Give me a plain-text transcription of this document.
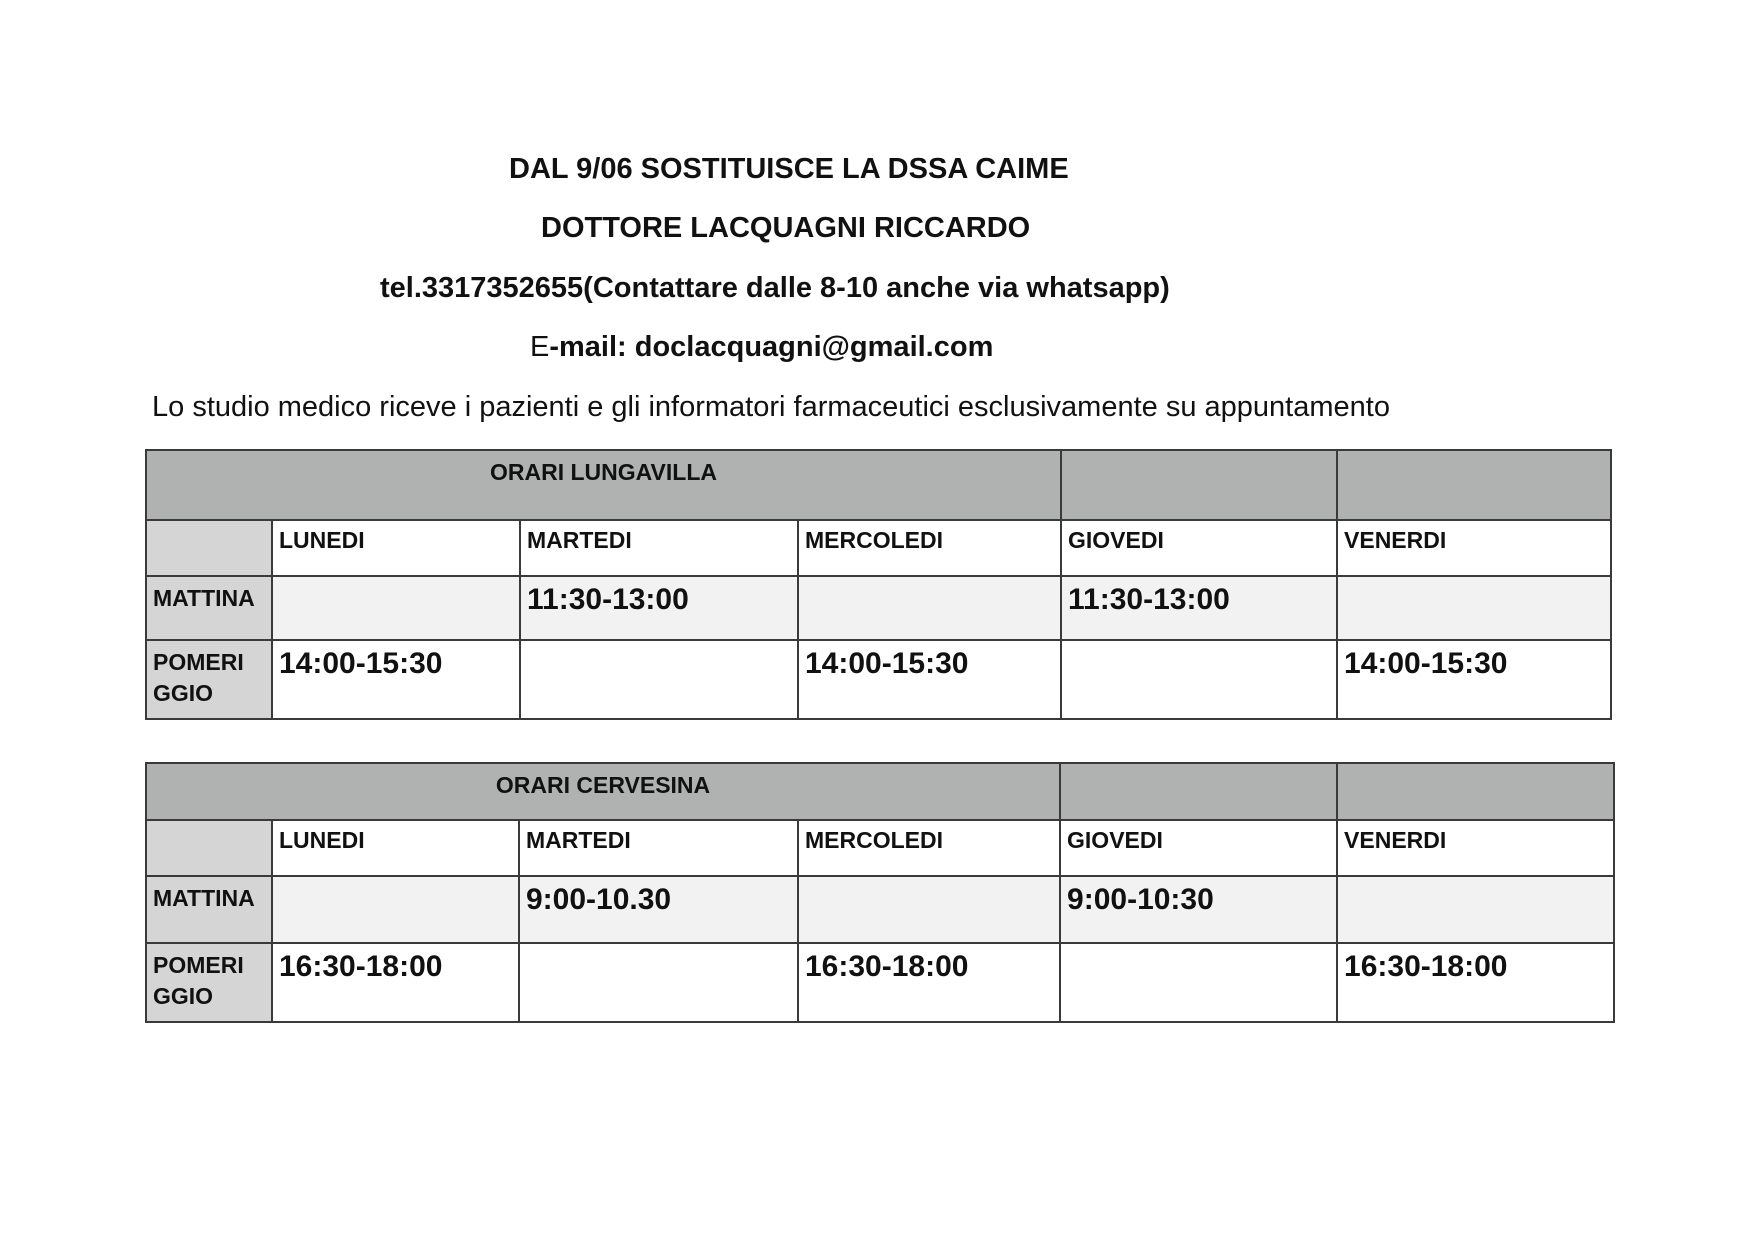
DAL 9/06 SOSTITUISCE LA DSSA CAIME
DOTTORE LACQUAGNI RICCARDO
tel.3317352655(Contattare dalle 8-10 anche via whatsapp)
E-mail: doclacquagni@gmail.com
Lo studio medico riceve i pazienti e gli informatori farmaceutici esclusivamente su appuntamento
ORARI LUNGAVILLA					
	LUNEDI	MARTEDI	MERCOLEDI	GIOVEDI	VENERDI
MATTINA		11:30-13:00		11:30-13:00	
POMERI GGIO	14:00-15:30		14:00-15:30		14:00-15:30
ORARI CERVESINA					
	LUNEDI	MARTEDI	MERCOLEDI	GIOVEDI	VENERDI
MATTINA		9:00-10.30		9:00-10:30	
POMERI GGIO	16:30-18:00		16:30-18:00		16:30-18:00
